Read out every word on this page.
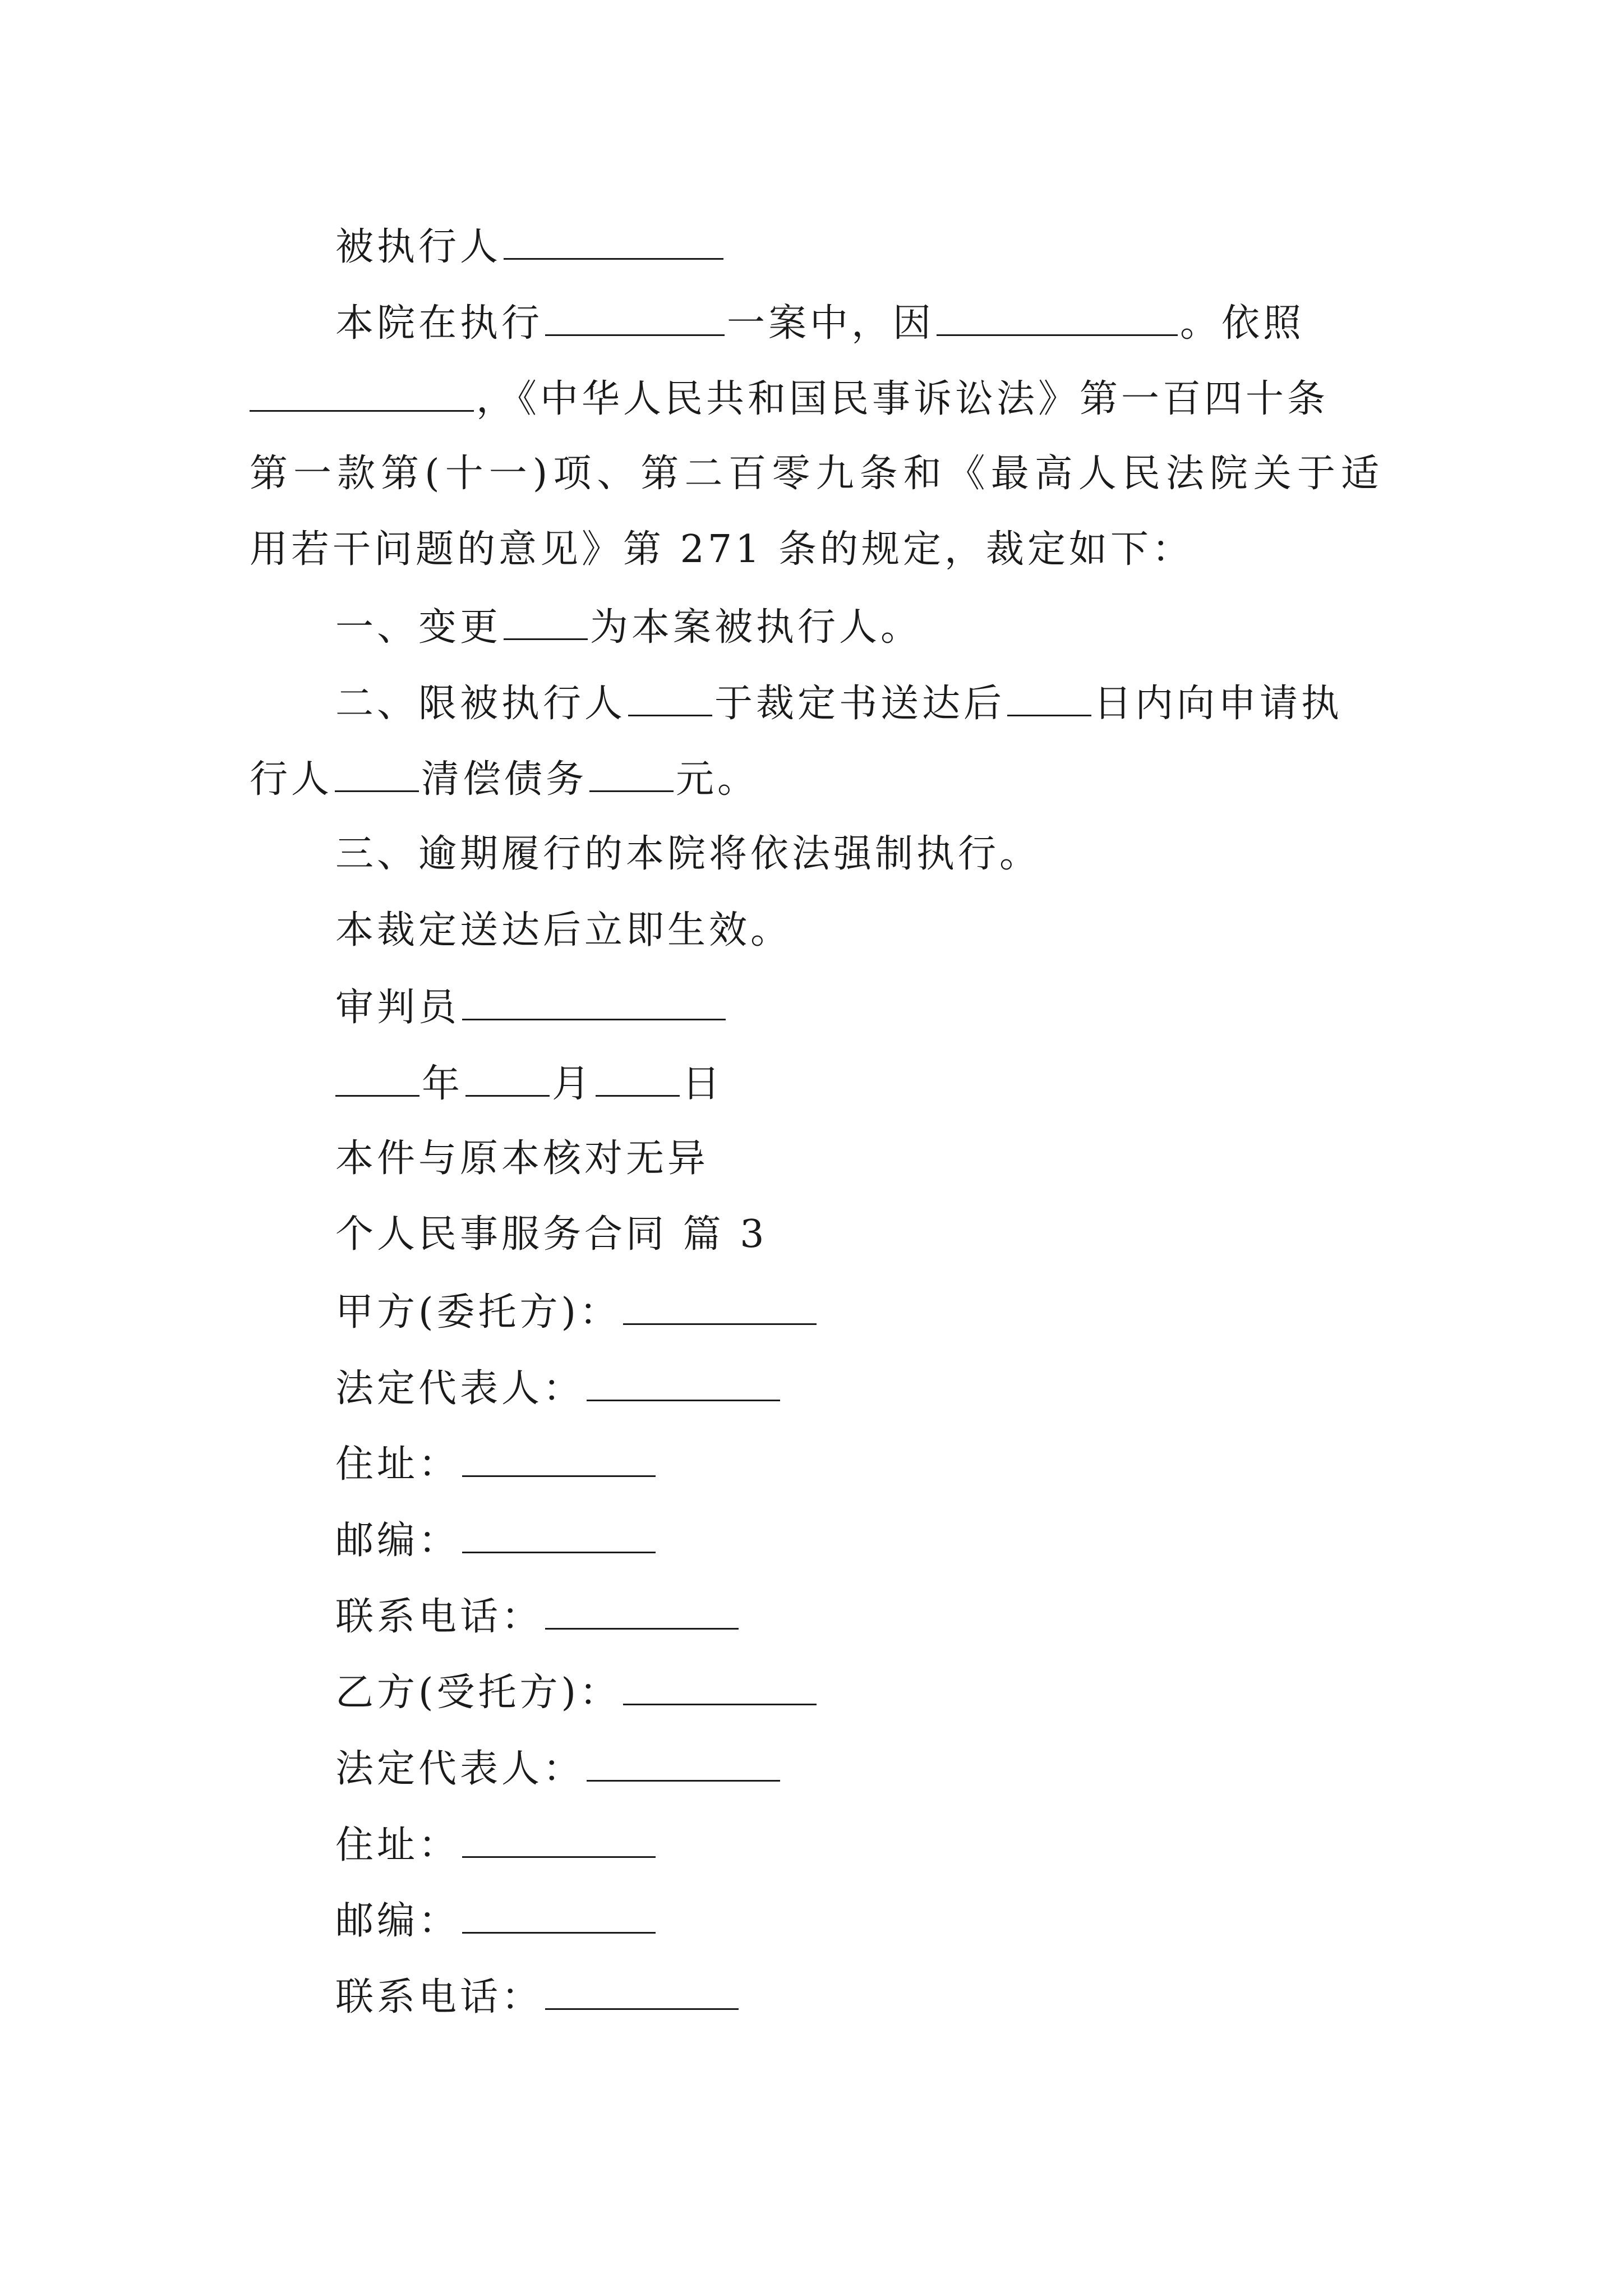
被执行人
本院在执行	一案中，因	。依照
，《中华人民共和国民事诉讼法》第一百四十条
第一款第(十一)项、第二百零九条和《最高人民法院关于适
用若干问题的意见》第 271 条的规定，裁定如下：
一、变更 为本案被执行人。
二、限被执行人 于裁定书送达后 日内向申请执
行人 清偿债务 元。
三、逾期履行的本院将依法强制执行。
本裁定送达后立即生效。
审判员
年 月 日
本件与原本核对无异
个人民事服务合同 篇 3
甲方(委托方)：
法定代表人：
住址：
邮编：
联系电话：
乙方(受托方)：
法定代表人：
住址：
邮编：
联系电话：
